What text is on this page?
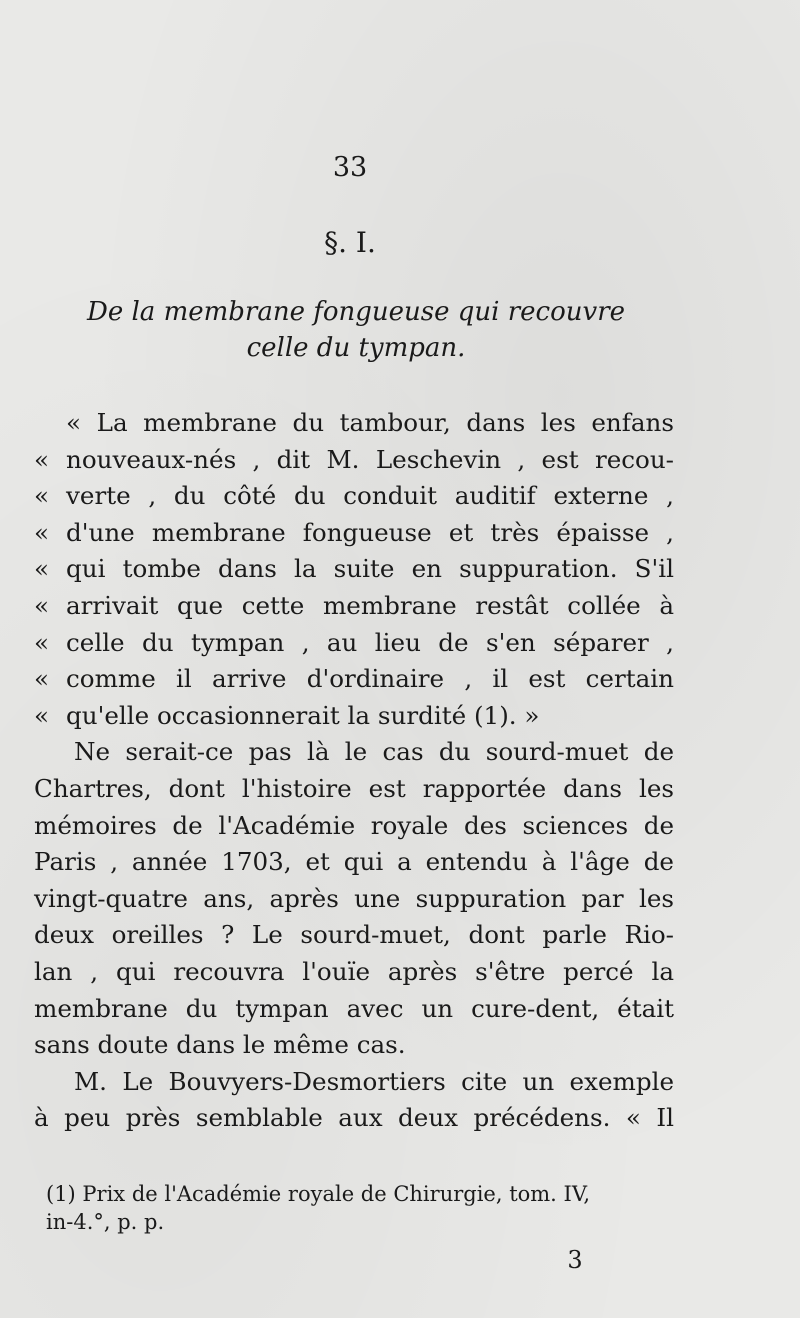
33
§. I.
De la membrane fongueuse qui recouvre
celle du tympan.
« La membrane du tambour, dans les enfans
« nouveaux-nés , dit M. Leschevin , est recou-
« verte , du côté du conduit auditif externe ,
« d'une membrane fongueuse et très épaisse ,
« qui tombe dans la suite en suppuration. S'il
« arrivait que cette membrane restât collée à
« celle du tympan , au lieu de s'en séparer ,
« comme il arrive d'ordinaire , il est certain
« qu'elle occasionnerait la surdité (1). »
Ne serait-ce pas là le cas du sourd-muet de
Chartres, dont l'histoire est rapportée dans les
mémoires de l'Académie royale des sciences de
Paris , année 1703, et qui a entendu à l'âge de
vingt-quatre ans, après une suppuration par les
deux oreilles ? Le sourd-muet, dont parle Rio-
lan , qui recouvra l'ouïe après s'être percé la
membrane du tympan avec un cure-dent, était
sans doute dans le même cas.
M. Le Bouvyers-Desmortiers cite un exemple
à peu près semblable aux deux précédens. « Il
(1) Prix de l'Académie royale de Chirurgie, tom. IV,
in-4.°, p. p.
3
